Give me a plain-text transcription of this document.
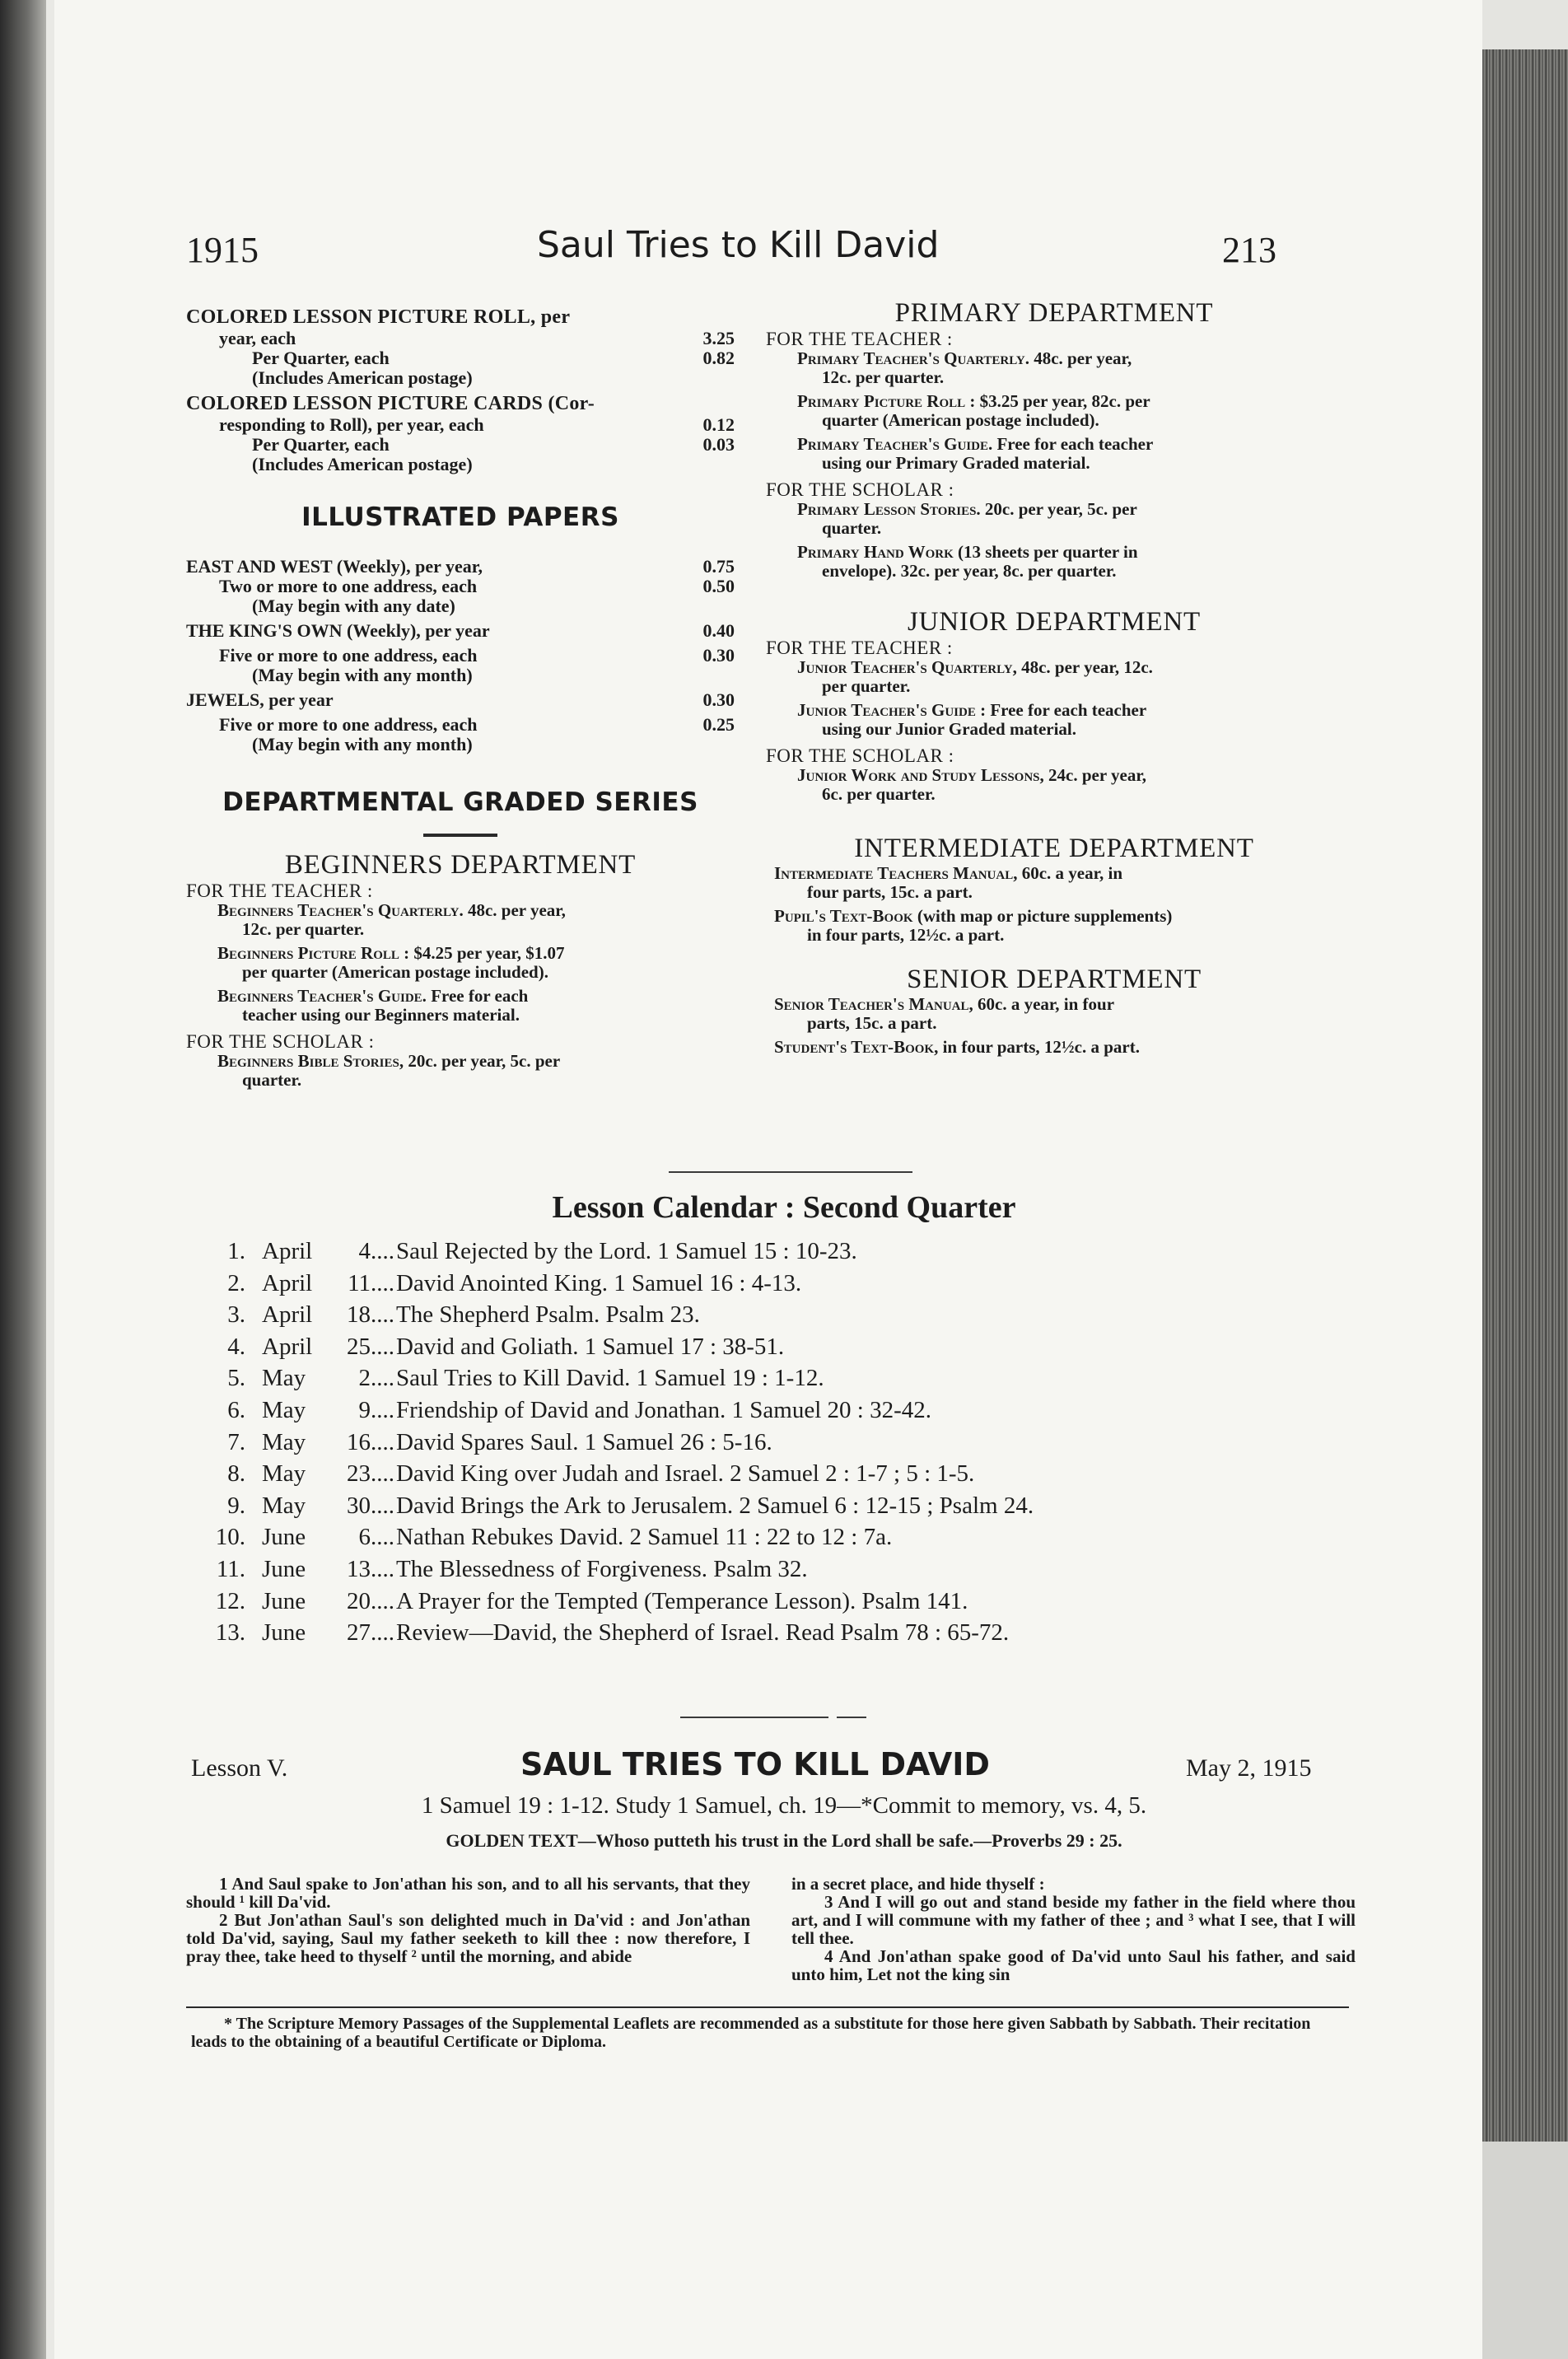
1915	Saul Tries to Kill David	213
COLORED LESSON PICTURE ROLL, per
year, each	3.25
Per Quarter, each	0.82
(Includes American postage)
COLORED LESSON PICTURE CARDS (Cor-
responding to Roll), per year, each	0.12
Per Quarter, each	0.03
(Includes American postage)
ILLUSTRATED PAPERS
EAST AND WEST (Weekly), per year,	0.75
Two or more to one address, each	0.50
(May begin with any date)
THE KING'S OWN (Weekly), per year	0.40
Five or more to one address, each	0.30
(May begin with any month)
JEWELS, per year	0.30
Five or more to one address, each	0.25
(May begin with any month)
DEPARTMENTAL GRADED SERIES
BEGINNERS DEPARTMENT
FOR THE TEACHER :
Beginners Teacher's Quarterly. 48c. per year,
12c. per quarter.
Beginners Picture Roll : $4.25 per year, $1.07
per quarter (American postage included).
Beginners Teacher's Guide. Free for each
teacher using our Beginners material.
FOR THE SCHOLAR :
Beginners Bible Stories, 20c. per year, 5c. per
quarter.
PRIMARY DEPARTMENT
FOR THE TEACHER :
Primary Teacher's Quarterly. 48c. per year,
12c. per quarter.
Primary Picture Roll : $3.25 per year, 82c. per
quarter (American postage included).
Primary Teacher's Guide. Free for each teacher
using our Primary Graded material.
FOR THE SCHOLAR :
Primary Lesson Stories. 20c. per year, 5c. per
quarter.
Primary Hand Work (13 sheets per quarter in
envelope). 32c. per year, 8c. per quarter.
JUNIOR DEPARTMENT
FOR THE TEACHER :
Junior Teacher's Quarterly, 48c. per year, 12c.
per quarter.
Junior Teacher's Guide : Free for each teacher
using our Junior Graded material.
FOR THE SCHOLAR :
Junior Work and Study Lessons, 24c. per year,
6c. per quarter.
INTERMEDIATE DEPARTMENT
Intermediate Teachers Manual, 60c. a year, in
four parts, 15c. a part.
Pupil's Text-Book (with map or picture supplements)
in four parts, 12½c. a part.
SENIOR DEPARTMENT
Senior Teacher's Manual, 60c. a year, in four
parts, 15c. a part.
Student's Text-Book, in four parts, 12½c. a part.
Lesson Calendar : Second Quarter
1. April	4 .... Saul Rejected by the Lord. 1 Samuel 15 : 10-23.
2. April	11 .... David Anointed King. 1 Samuel 16 : 4-13.
3. April	18 .... The Shepherd Psalm. Psalm 23.
4. April	25 .... David and Goliath. 1 Samuel 17 : 38-51.
5. May	2 .... Saul Tries to Kill David. 1 Samuel 19 : 1-12.
6. May	9 .... Friendship of David and Jonathan. 1 Samuel 20 : 32-42.
7. May	16 .... David Spares Saul. 1 Samuel 26 : 5-16.
8. May	23 .... David King over Judah and Israel. 2 Samuel 2 : 1-7 ; 5 : 1-5.
9. May	30 .... David Brings the Ark to Jerusalem. 2 Samuel 6 : 12-15 ; Psalm 24.
10. June	6 .... Nathan Rebukes David. 2 Samuel 11 : 22 to 12 : 7a.
11. June	13 .... The Blessedness of Forgiveness. Psalm 32.
12. June	20 .... A Prayer for the Tempted (Temperance Lesson). Psalm 141.
13. June	27 .... Review—David, the Shepherd of Israel. Read Psalm 78 : 65-72.
Lesson V.	SAUL TRIES TO KILL DAVID	May 2, 1915
1 Samuel 19 : 1-12. Study 1 Samuel, ch. 19—*Commit to memory, vs. 4, 5.
GOLDEN TEXT—Whoso putteth his trust in the Lord shall be safe.—Proverbs 29 : 25.

1 And Saul spake to Jon'athan his son, and to all his servants, that they should ¹ kill Da'vid.

2 But Jon'athan Saul's son delighted much in Da'vid : and Jon'athan told Da'vid, saying, Saul my father seeketh to kill thee : now therefore, I pray thee, take heed to thyself ² until the morning, and abide

in a secret place, and hide thyself :

3 And I will go out and stand beside my father in the field where thou art, and I will commune with my father of thee ; and ³ what I see, that I will tell thee.

4 And Jon'athan spake good of Da'vid unto Saul his father, and said unto him, Let not the king sin

* The Scripture Memory Passages of the Supplemental Leaflets are recommended as a substitute for those here given Sabbath by Sabbath. Their recitation leads to the obtaining of a beautiful Certificate or Diploma.
